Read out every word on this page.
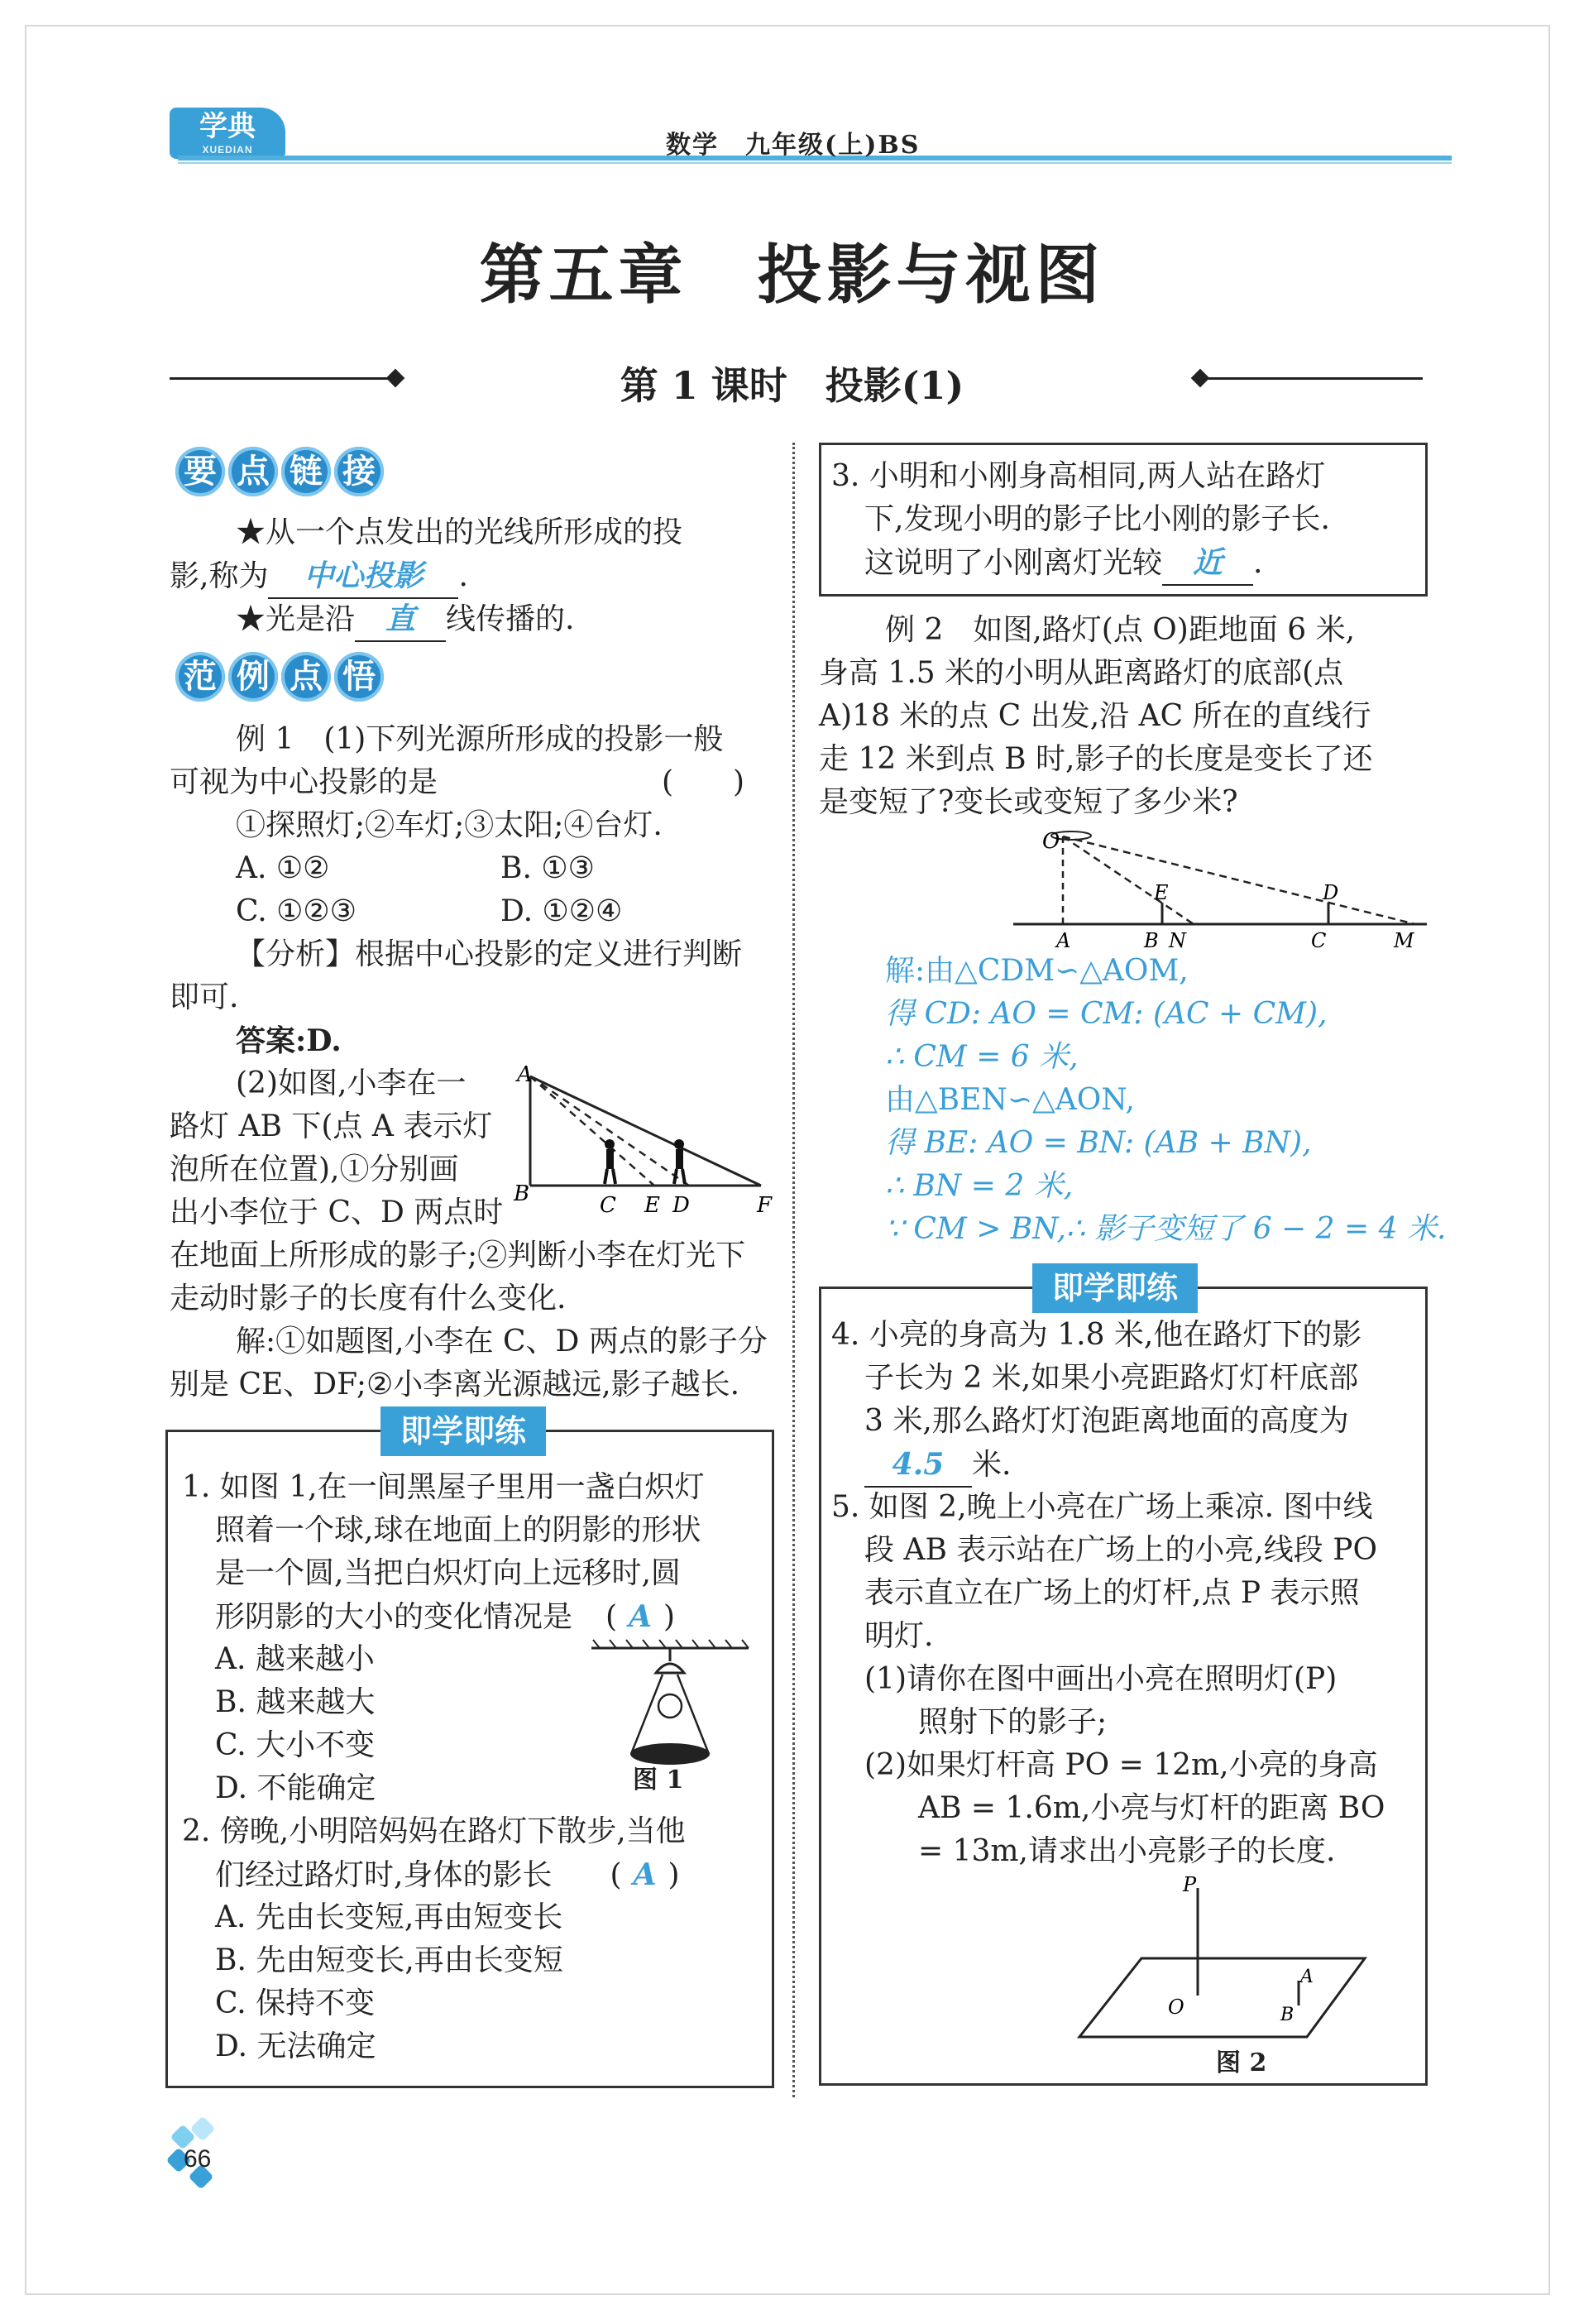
学典
XUEDIAN	数学　九年级(上)BS
第五章　投影与视图
第 1 课时　投影(1)
要 点 链 接
★从一个点发出的光线所形成的投
影,称为 中心投影 .
★光是沿 直 线传播的.
范 例 点 悟
例 1　(1)下列光源所形成的投影一般
可视为中心投影的是	(　　)
①探照灯;②车灯;③太阳;④台灯.
A. ①②	B. ①③
C. ①②③	D. ①②④
【分析】根据中心投影的定义进行判断
即可.
答案:D.
(2)如图,小李在一
路灯 AB 下(点 A 表示灯
泡所在位置),①分别画
出小李位于 C、D 两点时
在地面上所形成的影子;②判断小李在灯光下
走动时影子的长度有什么变化.
A
B	C E D	F
解:①如题图,小李在 C、D 两点的影子分
别是 CE、DF;②小李离光源越远,影子越长.
即学即练
1. 如图 1,在一间黑屋子里用一盏白炽灯
照着一个球,球在地面上的阴影的形状
是一个圆,当把白炽灯向上远移时,圆
形阴影的大小的变化情况是 ( A )
A. 越来越小
B. 越来越大
C. 大小不变
D. 不能确定	图 1
2. 傍晚,小明陪妈妈在路灯下散步,当他
们经过路灯时,身体的影长 ( A )
A. 先由长变短,再由短变长
B. 先由短变长,再由长变短
C. 保持不变
D. 无法确定
3. 小明和小刚身高相同,两人站在路灯
下,发现小明的影子比小刚的影子长.
这说明了小刚离灯光较 近 .
例 2　如图,路灯(点 O)距地面 6 米,
身高 1.5 米的小明从距离路灯的底部(点
A)18 米的点 C 出发,沿 AC 所在的直线行
走 12 米到点 B 时,影子的长度是变长了还
是变短了?变长或变短了多少米?
O
E	D
A	B N	C	M
解:由△CDM∽△AOM,
得 CD: AO = CM: (AC + CM),
∴ CM = 6 米,
由△BEN∽△AON,
得 BE: AO = BN: (AB + BN),
∴ BN = 2 米,
∵ CM > BN,∴ 影子变短了 6 − 2 = 4 米.
即学即练
4. 小亮的身高为 1.8 米,他在路灯下的影
子长为 2 米,如果小亮距路灯灯杆底部
3 米,那么路灯灯泡距离地面的高度为
4.5 米.
5. 如图 2,晚上小亮在广场上乘凉. 图中线
段 AB 表示站在广场上的小亮,线段 PO
表示直立在广场上的灯杆,点 P 表示照
明灯.
(1)请你在图中画出小亮在照明灯(P)
照射下的影子;
(2)如果灯杆高 PO = 12m,小亮的身高
AB = 1.6m,小亮与灯杆的距离 BO
= 13m,请求出小亮影子的长度.
P
A
O	B
图 2
66
